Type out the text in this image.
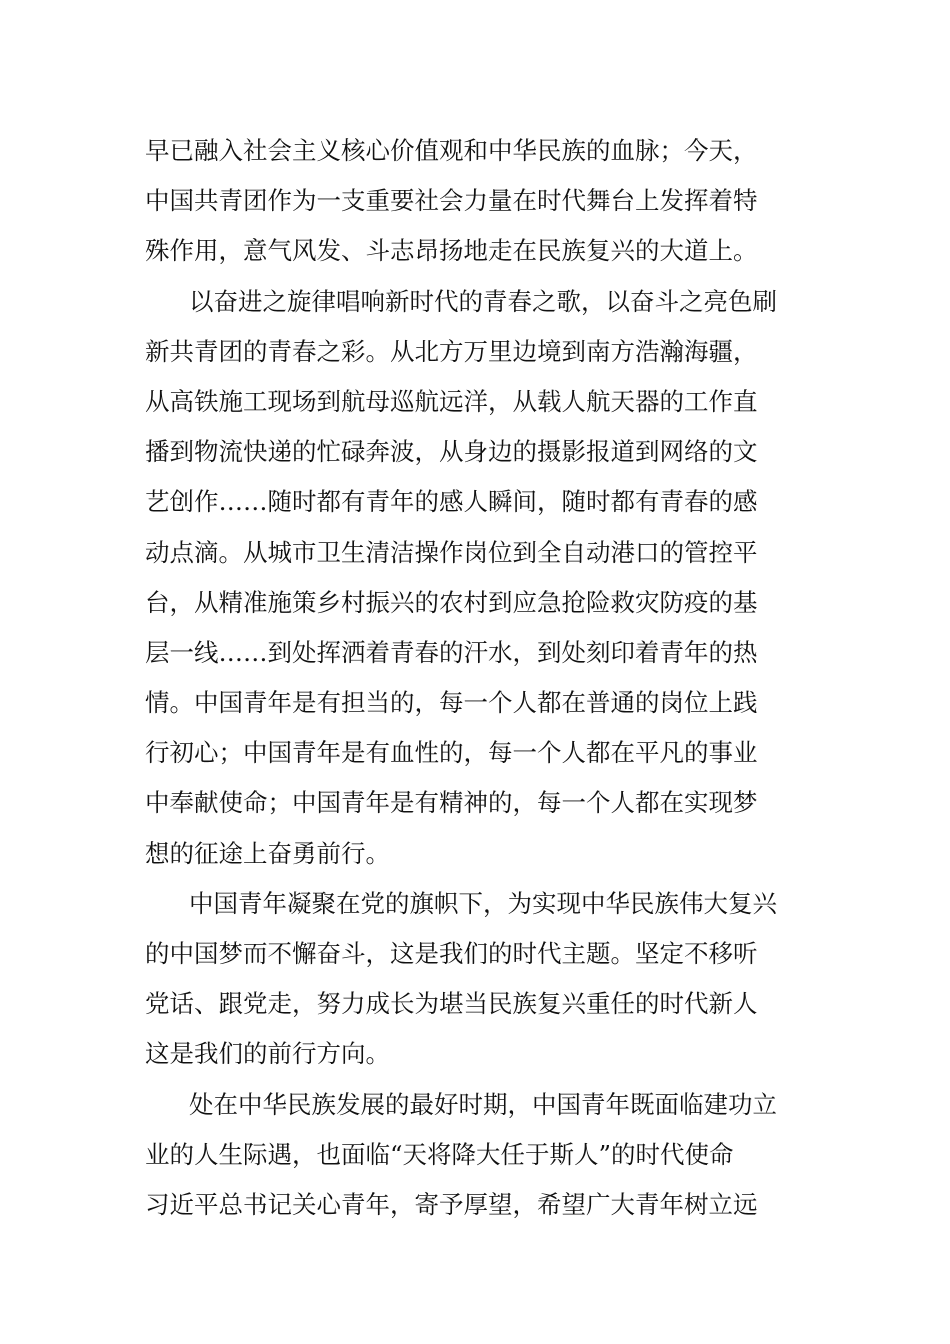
早已融入社会主义核心价值观和中华民族的血脉；今天，
中国共青团作为一支重要社会力量在时代舞台上发挥着特
殊作用，意气风发、斗志昂扬地走在民族复兴的大道上。
以奋进之旋律唱响新时代的青春之歌，以奋斗之亮色刷
新共青团的青春之彩。从北方万里边境到南方浩瀚海疆，
从高铁施工现场到航母巡航远洋，从载人航天器的工作直
播到物流快递的忙碌奔波，从身边的摄影报道到网络的文
艺创作……随时都有青年的感人瞬间，随时都有青春的感
动点滴。从城市卫生清洁操作岗位到全自动港口的管控平
台，从精准施策乡村振兴的农村到应急抢险救灾防疫的基
层一线……到处挥洒着青春的汗水，到处刻印着青年的热
情。中国青年是有担当的，每一个人都在普通的岗位上践
行初心；中国青年是有血性的，每一个人都在平凡的事业
中奉献使命；中国青年是有精神的，每一个人都在实现梦
想的征途上奋勇前行。
中国青年凝聚在党的旗帜下，为实现中华民族伟大复兴
的中国梦而不懈奋斗，这是我们的时代主题。坚定不移听
党话、跟党走，努力成长为堪当民族复兴重任的时代新人
这是我们的前行方向。
处在中华民族发展的最好时期，中国青年既面临建功立
业的人生际遇，也面临“天将降大任于斯人”的时代使命
习近平总书记关心青年，寄予厚望，希望广大青年树立远
